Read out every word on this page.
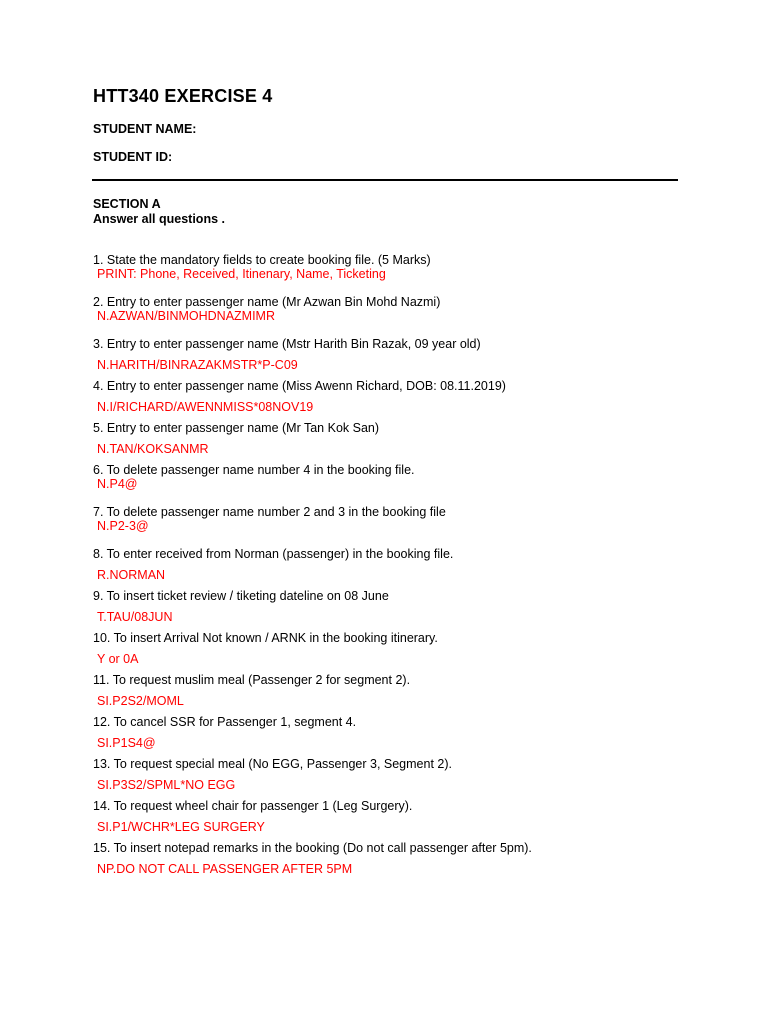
HTT340 EXERCISE 4
STUDENT NAME:
STUDENT ID:
SECTION A
Answer all questions .
1. State the mandatory fields to create booking file. (5 Marks)
PRINT: Phone, Received, Itinenary, Name, Ticketing
2. Entry to enter passenger name (Mr Azwan Bin Mohd Nazmi)
N.AZWAN/BINMOHDNAZMIMR
3. Entry to enter passenger name (Mstr Harith Bin Razak, 09 year old)
N.HARITH/BINRAZAKMSTR*P-C09
4. Entry to enter passenger name (Miss Awenn Richard, DOB: 08.11.2019)
N.I/RICHARD/AWENNMISS*08NOV19
5. Entry to enter passenger name (Mr Tan Kok San)
N.TAN/KOKSANMR
6. To delete passenger name number 4 in the booking file.
N.P4@
7. To delete passenger name number 2 and 3 in the booking file
N.P2-3@
8. To enter received from Norman (passenger) in the booking file.
R.NORMAN
9. To insert ticket review / tiketing dateline on 08 June
T.TAU/08JUN
10. To insert Arrival Not known / ARNK in the booking itinerary.
Y or 0A
11. To request muslim meal (Passenger 2 for segment 2).
SI.P2S2/MOML
12. To cancel SSR for Passenger 1, segment 4.
SI.P1S4@
13. To request special meal (No EGG, Passenger 3, Segment 2).
SI.P3S2/SPML*NO EGG
14. To request wheel chair for passenger 1 (Leg Surgery).
SI.P1/WCHR*LEG SURGERY
15. To insert notepad remarks in the booking (Do not call passenger after 5pm).
NP.DO NOT CALL PASSENGER AFTER 5PM
